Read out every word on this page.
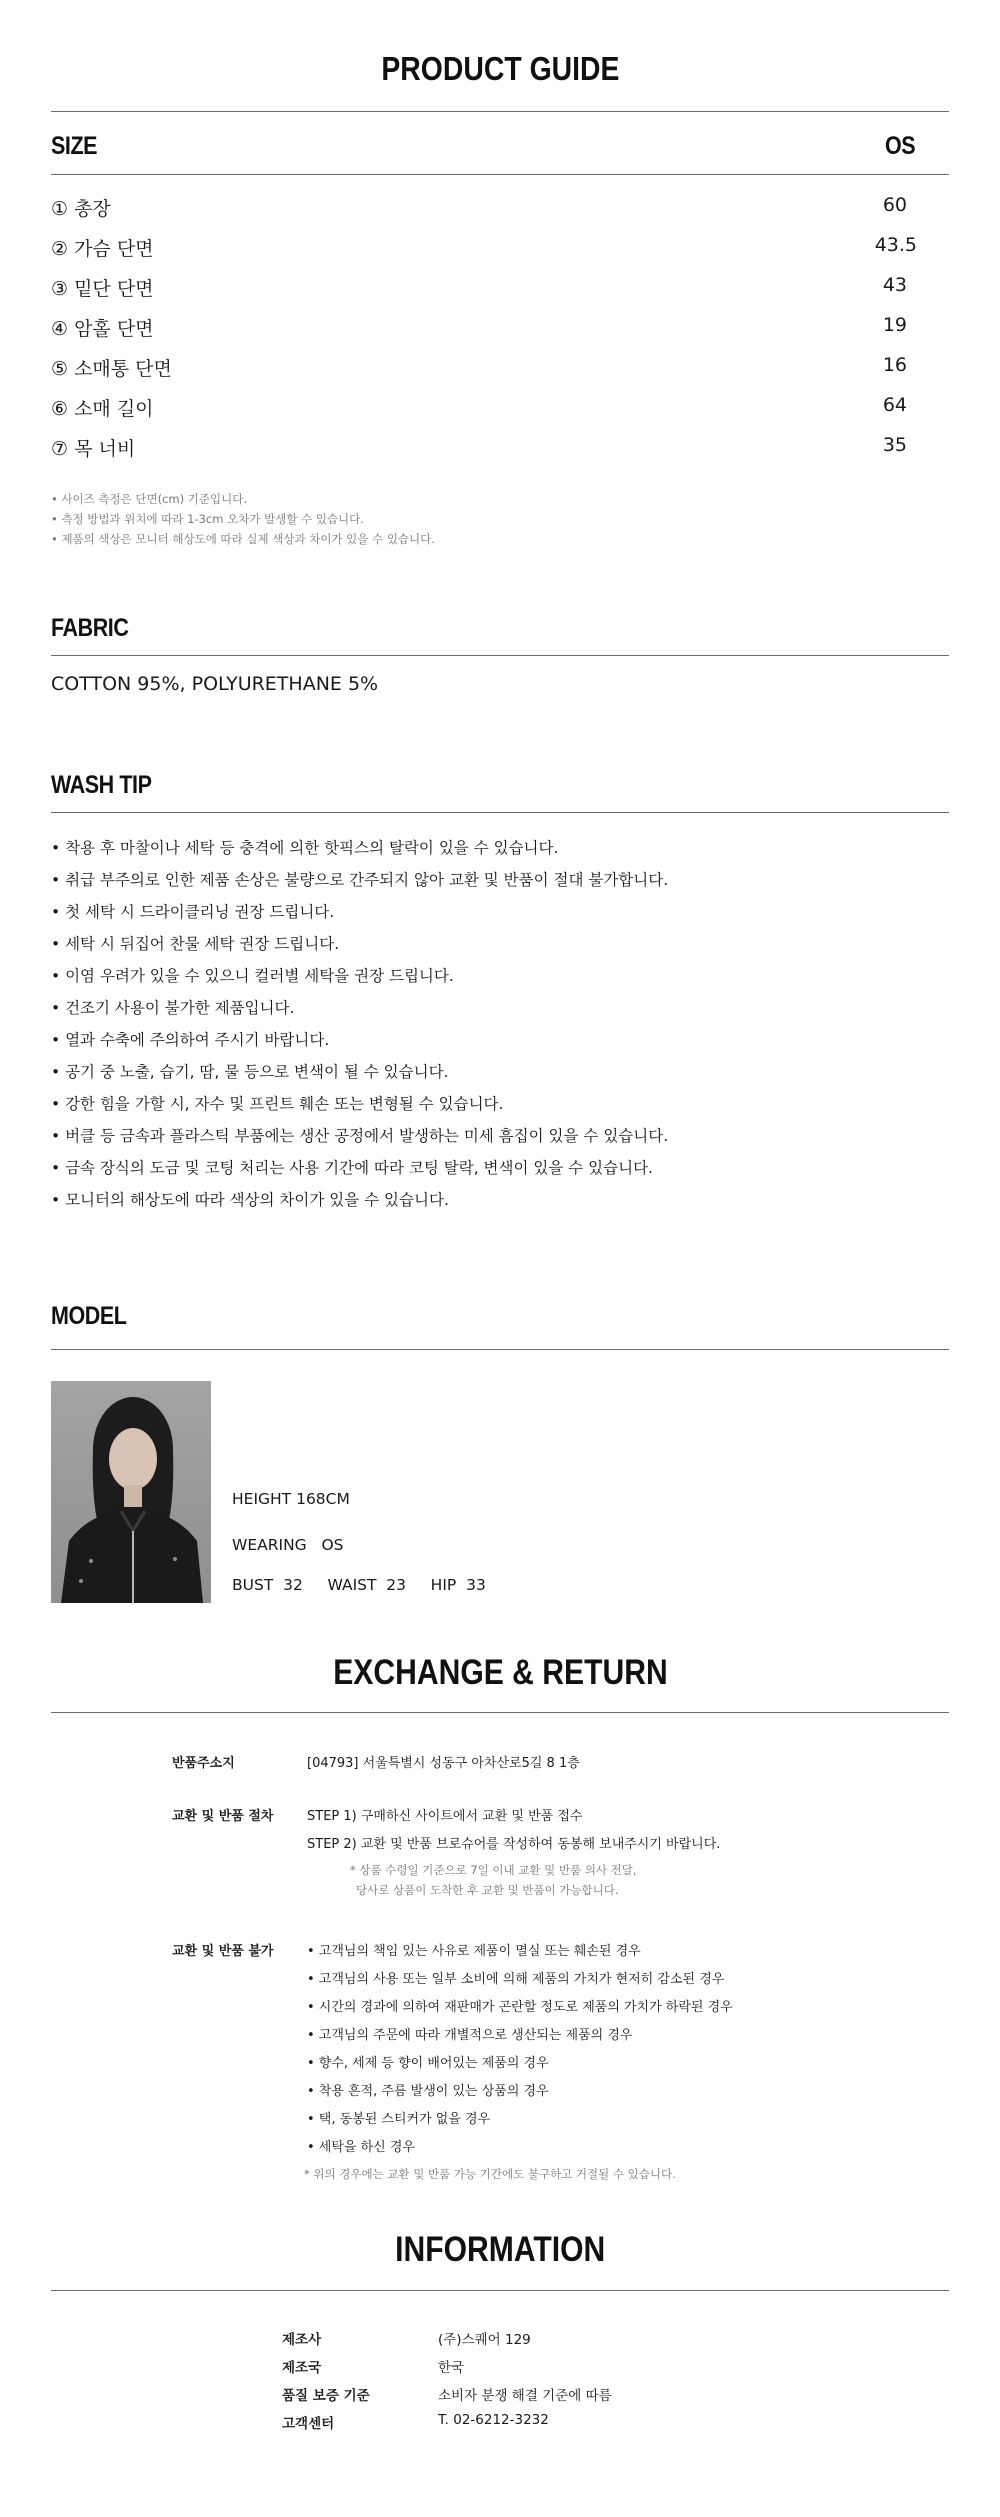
PRODUCT GUIDE
SIZE	OS
① 총장	60
② 가슴 단면	43.5
③ 밑단 단면	43
④ 암홀 단면	19
⑤ 소매통 단면	16
⑥ 소매 길이	64
⑦ 목 너비	35
• 사이즈 측정은 단면(cm) 기준입니다.
• 측정 방법과 위치에 따라 1-3cm 오차가 발생할 수 있습니다.
• 제품의 색상은 모니터 해상도에 따라 실제 색상과 차이가 있을 수 있습니다.
FABRIC
COTTON 95%, POLYURETHANE 5%
WASH TIP
• 착용 후 마찰이나 세탁 등 충격에 의한 핫픽스의 탈락이 있을 수 있습니다.
• 취급 부주의로 인한 제품 손상은 불량으로 간주되지 않아 교환 및 반품이 절대 불가합니다.
• 첫 세탁 시 드라이클리닝 권장 드립니다.
• 세탁 시 뒤집어 찬물 세탁 권장 드립니다.
• 이염 우려가 있을 수 있으니 컬러별 세탁을 권장 드립니다.
• 건조기 사용이 불가한 제품입니다.
• 열과 수축에 주의하여 주시기 바랍니다.
• 공기 중 노출, 습기, 땀, 물 등으로 변색이 될 수 있습니다.
• 강한 힘을 가할 시, 자수 및 프린트 훼손 또는 변형될 수 있습니다.
• 버클 등 금속과 플라스틱 부품에는 생산 공정에서 발생하는 미세 흠집이 있을 수 있습니다.
• 금속 장식의 도금 및 코팅 처리는 사용 기간에 따라 코팅 탈락, 변색이 있을 수 있습니다.
• 모니터의 해상도에 따라 색상의 차이가 있을 수 있습니다.
MODEL
HEIGHT 168CM
WEARING   OS
BUST  32     WAIST  23     HIP  33
EXCHANGE & RETURN
반품주소지	[04793] 서울특별시 성동구 아차산로5길 8 1층
교환 및 반품 절차	STEP 1) 구매하신 사이트에서 교환 및 반품 접수
STEP 2) 교환 및 반품 브로슈어를 작성하여 동봉해 보내주시기 바랍니다.
* 상품 수령일 기준으로 7일 이내 교환 및 반품 의사 전달,
당사로 상품이 도착한 후 교환 및 반품이 가능합니다.
교환 및 반품 불가	• 고객님의 책임 있는 사유로 제품이 멸실 또는 훼손된 경우
• 고객님의 사용 또는 일부 소비에 의해 제품의 가치가 현저히 감소된 경우
• 시간의 경과에 의하여 재판매가 곤란할 정도로 제품의 가치가 하락된 경우
• 고객님의 주문에 따라 개별적으로 생산되는 제품의 경우
• 향수, 세제 등 향이 배어있는 제품의 경우
• 착용 흔적, 주름 발생이 있는 상품의 경우
• 택, 동봉된 스티커가 없을 경우
• 세탁을 하신 경우
* 위의 경우에는 교환 및 반품 가능 기간에도 불구하고 거절될 수 있습니다.
INFORMATION
제조사	(주)스퀘어 129
제조국	한국
품질 보증 기준	소비자 분쟁 해결 기준에 따름
고객센터	T. 02-6212-3232
